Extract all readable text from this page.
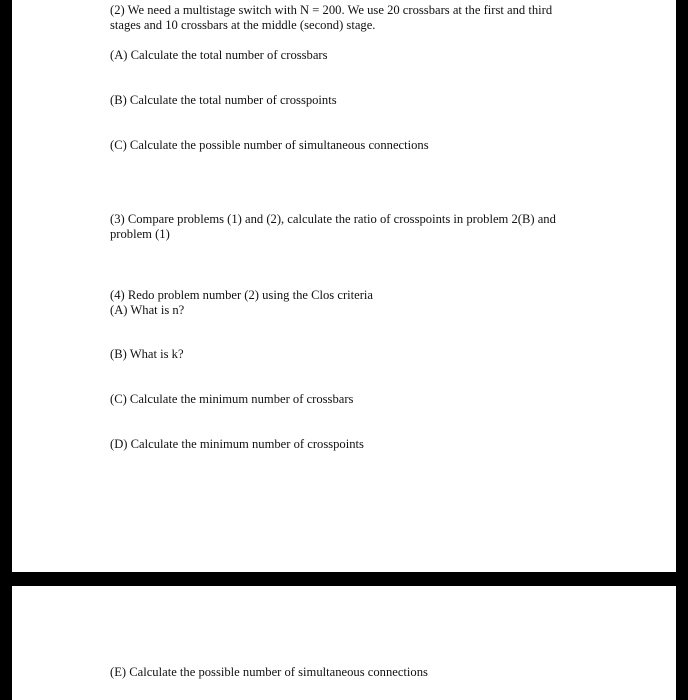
(2) We need a multistage switch with N = 200. We use 20 crossbars at the first and third

stages and 10 crossbars at the middle (second) stage.

(A) Calculate the total number of crossbars

(B) Calculate the total number of crosspoints

(C) Calculate the possible number of simultaneous connections

(3) Compare problems (1) and (2), calculate the ratio of crosspoints in problem 2(B) and

problem (1)

(4) Redo problem number (2) using the Clos criteria

(A) What is n?

(B) What is k?

(C) Calculate the minimum number of crossbars

(D) Calculate the minimum number of crosspoints

(E) Calculate the possible number of simultaneous connections
